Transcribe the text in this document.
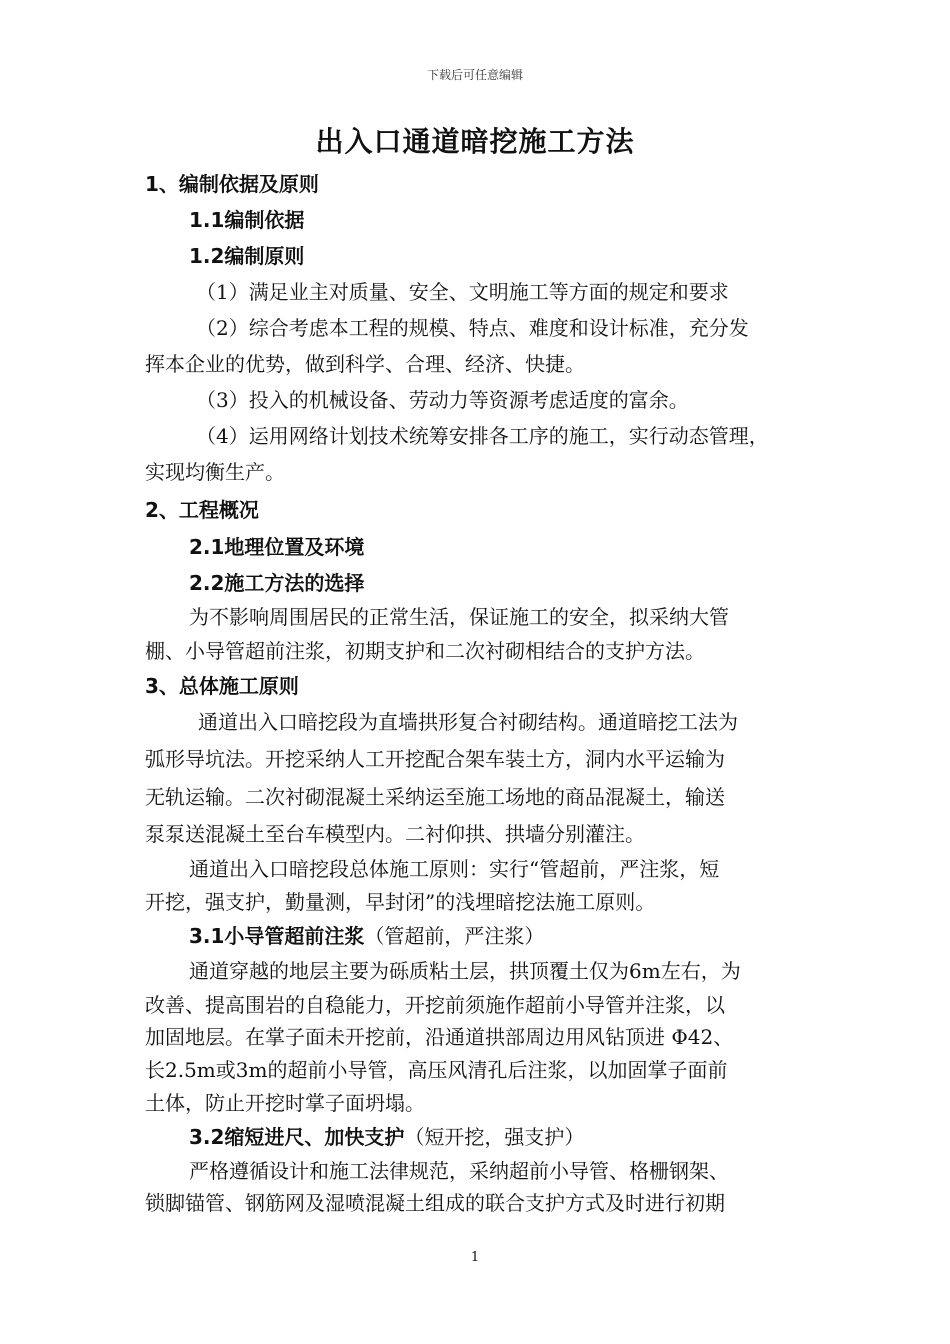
下载后可任意编辑
出入口通道暗挖施工方法
1、编制依据及原则
1.1编制依据
1.2编制原则
（1）满足业主对质量、安全、文明施工等方面的规定和要求
（2）综合考虑本工程的规模、特点、难度和设计标准，充分发
挥本企业的优势，做到科学、合理、经济、快捷。
（3）投入的机械设备、劳动力等资源考虑适度的富余。
（4）运用网络计划技术统筹安排各工序的施工，实行动态管理，
实现均衡生产。
2、工程概况
2.1地理位置及环境
2.2施工方法的选择
为不影响周围居民的正常生活，保证施工的安全，拟采纳大管
棚、小导管超前注浆，初期支护和二次衬砌相结合的支护方法。
3、总体施工原则
通道出入口暗挖段为直墙拱形复合衬砌结构。通道暗挖工法为
弧形导坑法。开挖采纳人工开挖配合架车装土方，洞内水平运输为
无轨运输。二次衬砌混凝土采纳运至施工场地的商品混凝土，输送
泵泵送混凝土至台车模型内。二衬仰拱、拱墙分别灌注。
通道出入口暗挖段总体施工原则：实行“管超前，严注浆，短
开挖，强支护，勤量测，早封闭”的浅埋暗挖法施工原则。
3.1小导管超前注浆（管超前，严注浆）
通道穿越的地层主要为砾质粘土层，拱顶覆土仅为6m左右，为
改善、提高围岩的自稳能力，开挖前须施作超前小导管并注浆，以
加固地层。在掌子面未开挖前，沿通道拱部周边用风钻顶进 Φ42、
长2.5m或3m的超前小导管，高压风清孔后注浆，以加固掌子面前
土体，防止开挖时掌子面坍塌。
3.2缩短进尺、加快支护（短开挖，强支护）
严格遵循设计和施工法律规范，采纳超前小导管、格栅钢架、
锁脚锚管、钢筋网及湿喷混凝土组成的联合支护方式及时进行初期
1
